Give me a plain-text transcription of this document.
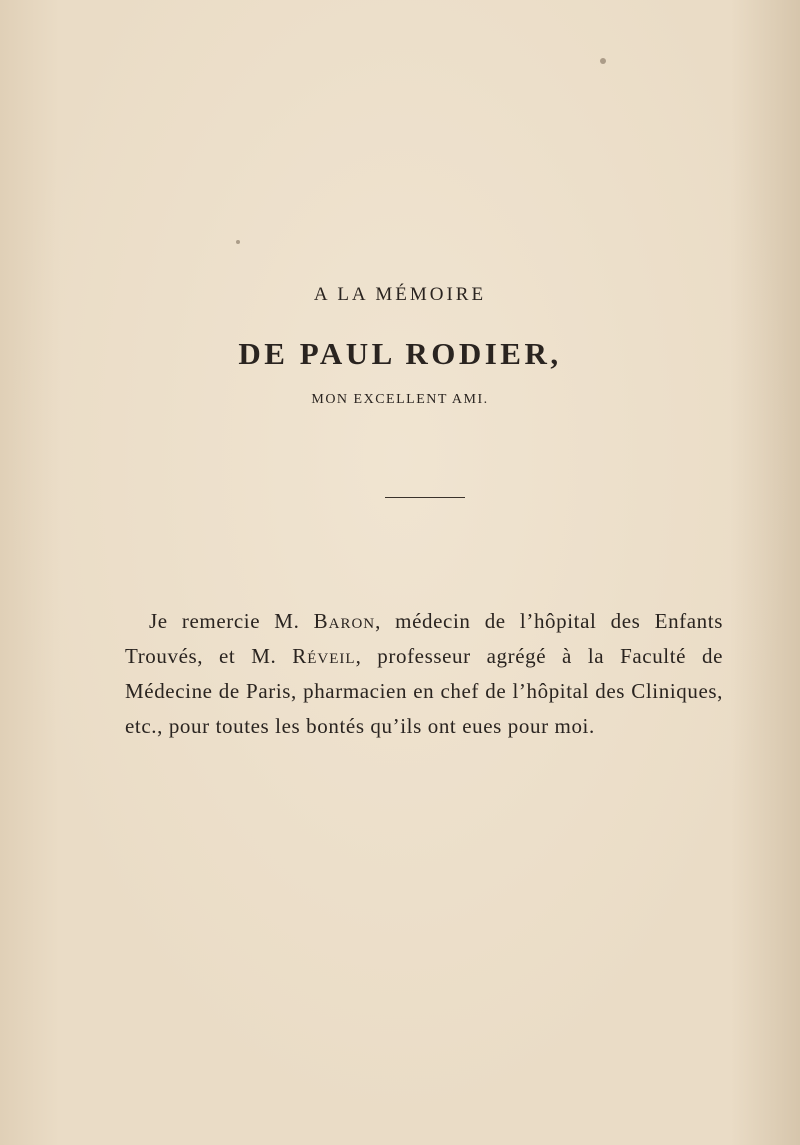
A LA MÉMOIRE
DE PAUL RODIER,
MON EXCELLENT AMI.

Je remercie M. Baron, médecin de l’hôpital des Enfants Trouvés, et M. Réveil, professeur agrégé à la Faculté de Médecine de Paris, pharmacien en chef de l’hôpital des Cliniques, etc., pour toutes les bontés qu’ils ont eues pour moi.
